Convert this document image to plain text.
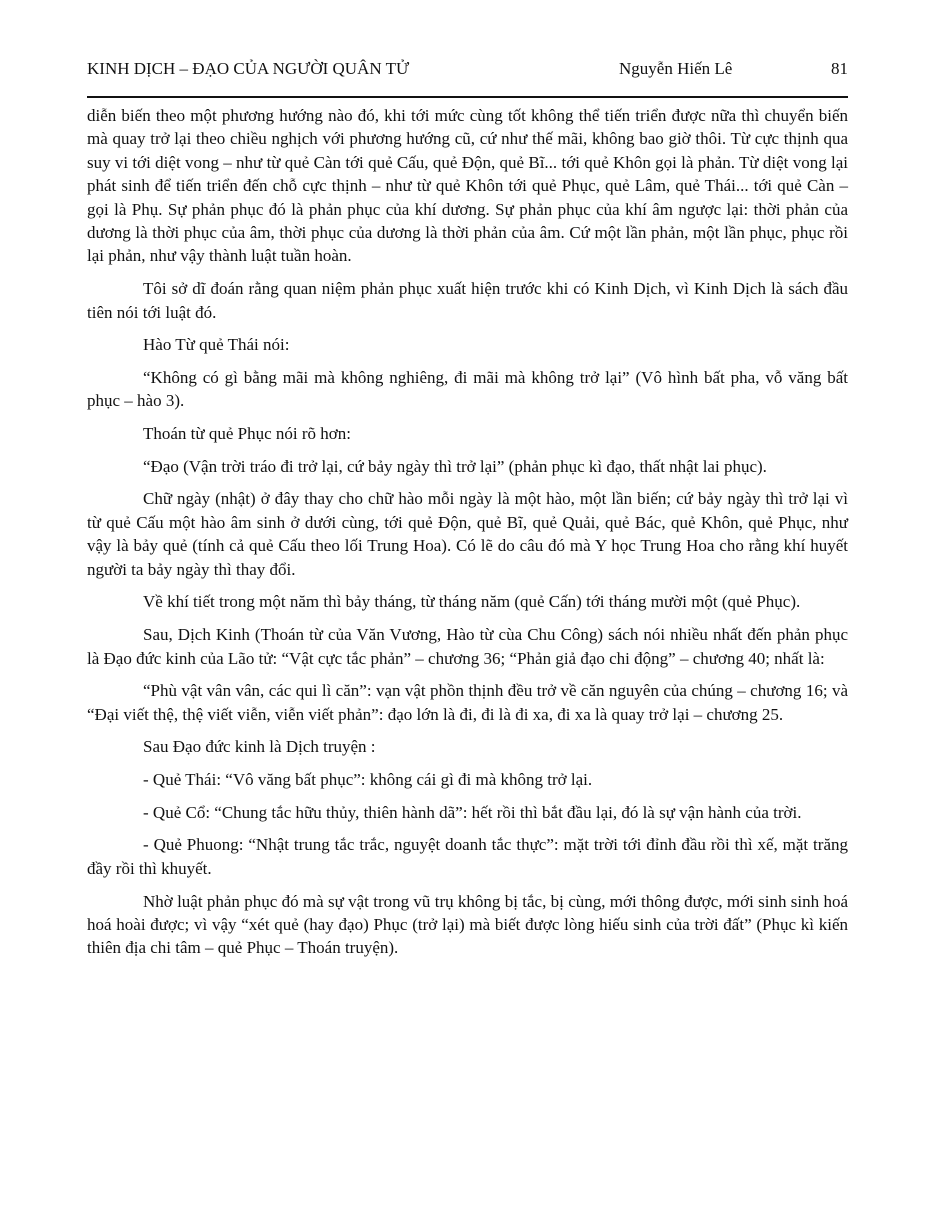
KINH DỊCH – ĐẠO CỦA NGƯỜI QUÂN TỬ	Nguyễn Hiến Lê	81

diễn biến theo một phương hướng nào đó, khi tới mức cùng tốt không thể tiến triển được nữa thì chuyển biến mà quay trở lại theo chiều nghịch với phương hướng cũ, cứ như thế mãi, không bao giờ thôi. Từ cực thịnh qua suy vi tới diệt vong – như từ quẻ Càn tới quẻ Cấu, quẻ Độn, quẻ Bĩ... tới quẻ Khôn gọi là phản. Từ diệt vong lại phát sinh để tiến triển đến chỗ cực thịnh – như từ quẻ Khôn tới quẻ Phục, quẻ Lâm, quẻ Thái... tới quẻ Càn – gọi là Phụ. Sự phản phục đó là phản phục của khí dương. Sự phản phục của khí âm ngược lại: thời phản của dương là thời phục của âm, thời phục của dương là thời phản của âm. Cứ một lần phản, một lần phục, phục rồi lại phản, như vậy thành luật tuần hoàn.

Tôi sở dĩ đoán rằng quan niệm phản phục xuất hiện trước khi có Kinh Dịch, vì Kinh Dịch là sách đầu tiên nói tới luật đó.

Hào Từ quẻ Thái nói:

“Không có gì bằng mãi mà không nghiêng, đi mãi mà không trở lại” (Vô hình bất pha, vỗ văng bất phục – hào 3).

Thoán từ quẻ Phục nói rõ hơn:

“Đạo (Vận trời tráo đi trở lại, cứ bảy ngày thì trở lại” (phản phục kì đạo, thất nhật lai phục).

Chữ ngày (nhật) ở đây thay cho chữ hào mỗi ngày là một hào, một lần biến; cứ bảy ngày thì trở lại vì từ quẻ Cấu một hào âm sinh ở dưới cùng, tới quẻ Độn, quẻ Bĩ, quẻ Quải, quẻ Bác, quẻ Khôn, quẻ Phục, như vậy là bảy quẻ (tính cả quẻ Cấu theo lối Trung Hoa). Có lẽ do câu đó mà Y học Trung Hoa cho rằng khí huyết người ta bảy ngày thì thay đổi.

Về khí tiết trong một năm thì bảy tháng, từ tháng năm (quẻ Cấn) tới tháng mười một (quẻ Phục).

Sau, Dịch Kinh (Thoán từ của Văn Vương, Hào từ cùa Chu Công) sách nói nhiều nhất đến phản phục là Đạo đức kinh của Lão tử: “Vật cực tắc phản” – chương 36; “Phản giả đạo chi động” – chương 40; nhất là:

“Phù vật vân vân, các qui lì căn”: vạn vật phồn thịnh đều trở về căn nguyên của chúng – chương 16; và “Đại viết thệ, thệ viết viễn, viễn viết phản”: đạo lớn là đi, đi là đi xa, đi xa là quay trở lại – chương 25.

Sau Đạo đức kinh là Dịch truyện :

- Quẻ Thái: “Vô văng bất phục”: không cái gì đi mà không trở lại.

- Quẻ Cổ: “Chung tắc hữu thủy, thiên hành dã”: hết rồi thì bắt đầu lại, đó là sự vận hành của trời.

- Quẻ Phuong: “Nhật trung tắc trắc, nguyệt doanh tắc thực”: mặt trời tới đỉnh đầu rồi thì xế, mặt trăng đầy rồi thì khuyết.

Nhờ luật phản phục đó mà sự vật trong vũ trụ không bị tắc, bị cùng, mới thông được, mới sinh sinh hoá hoá hoài được; vì vậy “xét quẻ (hay đạo) Phục (trở lại) mà biết được lòng hiếu sinh của trời đất” (Phục kì kiến thiên địa chi tâm – quẻ Phục – Thoán truyện).
